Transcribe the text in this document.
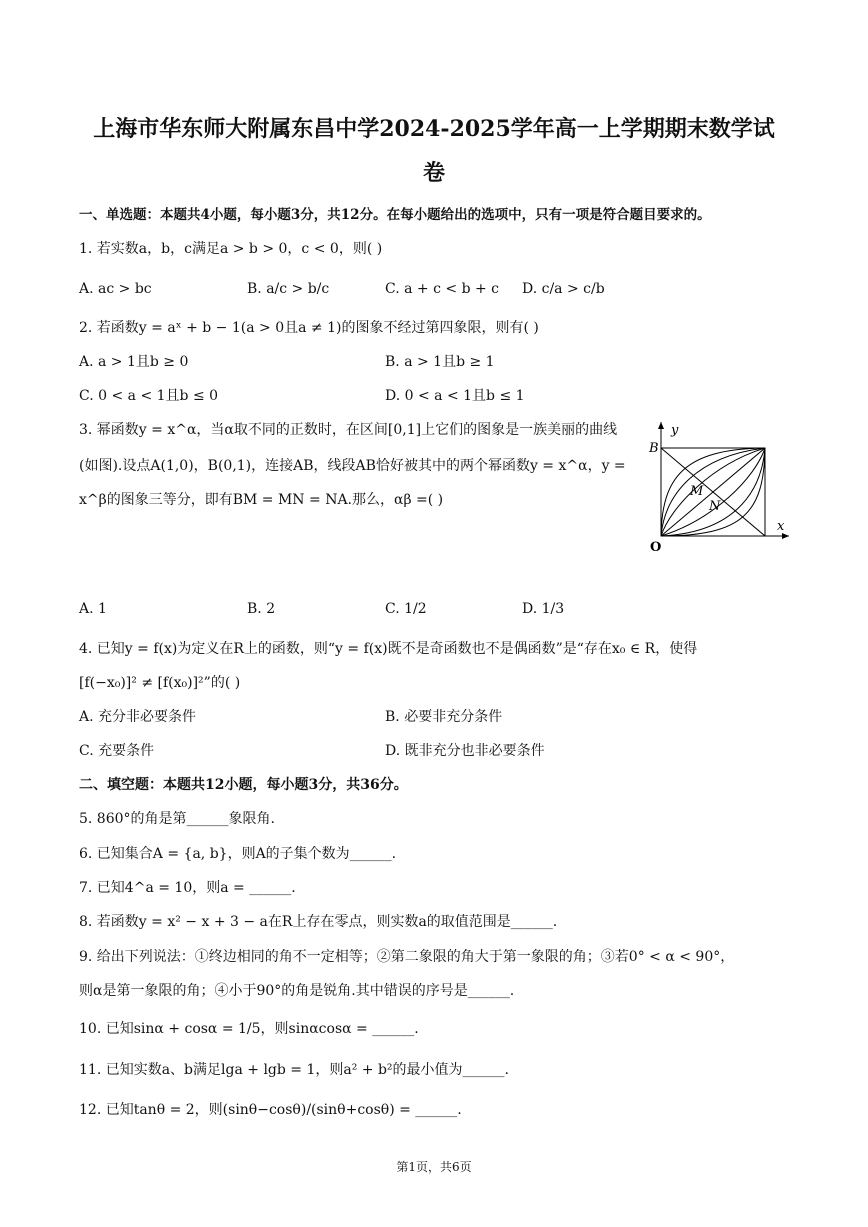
上海市华东师大附属东昌中学2024-2025学年高一上学期期末数学试
卷
一、单选题：本题共4小题，每小题3分，共12分。在每小题给出的选项中，只有一项是符合题目要求的。
1. 若实数a，b，c满足a > b > 0，c < 0，则( )
A. ac > bc	B. a/c > b/c	C. a + c < b + c D. c/a > c/b
2. 若函数y = aˣ + b − 1(a > 0且a ≠ 1)的图象不经过第四象限，则有( )
A. a > 1且b ≥ 0	B. a > 1且b ≥ 1
C. 0 < a < 1且b ≤ 0	D. 0 < a < 1且b ≤ 1
3. 幂函数y = x^α，当α取不同的正数时，在区间[0,1]上它们的图象是一族美丽的曲线
(如图).设点A(1,0)，B(0,1)，连接AB，线段AB恰好被其中的两个幂函数y = x^α，y =
x^β的图象三等分，即有BM = MN = NA.那么，αβ =( )
B
y
M
N
x
O
A. 1	B. 2	C. 1/2	D. 1/3
4. 已知y = f(x)为定义在R上的函数，则“y = f(x)既不是奇函数也不是偶函数”是“存在x₀ ∈ R，使得
[f(−x₀)]² ≠ [f(x₀)]²”的( )
A. 充分非必要条件	B. 必要非充分条件
C. 充要条件	D. 既非充分也非必要条件
二、填空题：本题共12小题，每小题3分，共36分。
5. 860°的角是第______象限角.
6. 已知集合A = {a, b}，则A的子集个数为______.
7. 已知4^a = 10，则a = ______.
8. 若函数y = x² − x + 3 − a在R上存在零点，则实数a的取值范围是______.
9. 给出下列说法：①终边相同的角不一定相等；②第二象限的角大于第一象限的角；③若0° < α < 90°，
则α是第一象限的角；④小于90°的角是锐角.其中错误的序号是______.
10. 已知sinα + cosα = 1/5，则sinαcosα = ______.
11. 已知实数a、b满足lga + lgb = 1，则a² + b²的最小值为______.
12. 已知tanθ = 2，则(sinθ−cosθ)/(sinθ+cosθ) = ______.
第1页，共6页
